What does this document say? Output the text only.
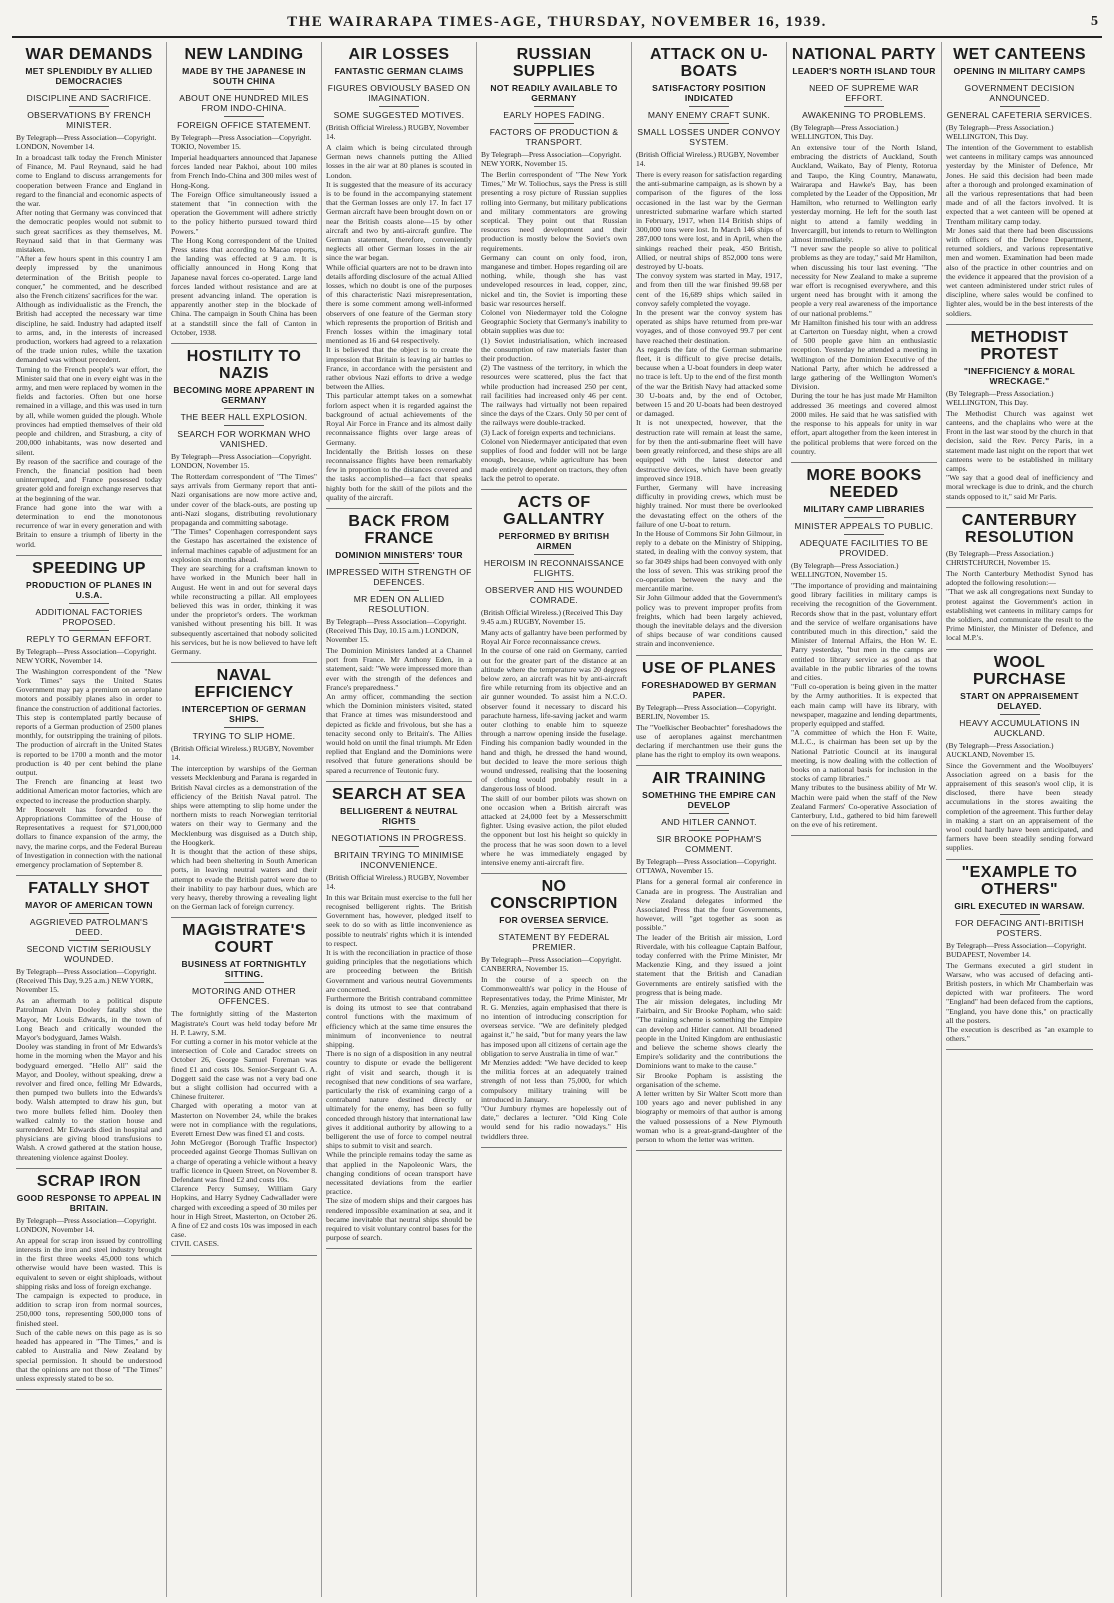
THE WAIRARAPA TIMES-AGE, THURSDAY, NOVEMBER 16, 1939.	5
WAR DEMANDS
MET SPLENDIDLY BY ALLIED DEMOCRACIES
DISCIPLINE AND SACRIFICE.
OBSERVATIONS BY FRENCH MINISTER.
By Telegraph—Press Association—Copyright. LONDON, November 14.

In a broadcast talk today the French Minister of Finance, M. Paul Reynaud, said he had come to England to discuss arrangements for cooperation between France and England in regard to the financial and economic aspects of the war.

After noting that Germany was convinced that the democratic peoples would not submit to such great sacrifices as they themselves, M. Reynaud said that in that Germany was mistaken.

"After a few hours spent in this country I am deeply impressed by the unanimous determination of the British people to conquer," he commented, and he described also the French citizens' sacrifices for the war.

Although as individualistic as the French, the British had accepted the necessary war time discipline, he said. Industry had adapted itself to arms, and, in the interests of increased production, workers had agreed to a relaxation of the trade union rules, while the taxation demanded was without precedent.

Turning to the French people's war effort, the Minister said that one in every eight was in the army, and men were replaced by women in the fields and factories. Often but one horse remained in a village, and this was used in turn by all, while women guided the plough. Whole provinces had emptied themselves of their old people and children, and Strasburg, a city of 200,000 inhabitants, was now deserted and silent.

By reason of the sacrifice and courage of the French, the financial position had been uninterrupted, and France possessed today greater gold and foreign exchange reserves that at the beginning of the war.

France had gone into the war with a determination to end the monotonous recurrence of war in every generation and with Britain to ensure a triumph of liberty in the world.

SPEEDING UP
PRODUCTION OF PLANES IN U.S.A.
ADDITIONAL FACTORIES PROPOSED.
REPLY TO GERMAN EFFORT.
By Telegraph—Press Association—Copyright. NEW YORK, November 14.

The Washington correspondent of the "New York Times" says the United States Government may pay a premium on aeroplane motors and possibly planes also in order to finance the construction of additional factories.

This step is contemplated partly because of reports of a German production of 2500 planes monthly, for outstripping the training of pilots. The production of aircraft in the United States is reported to be 1700 a month and the motor production is 40 per cent behind the plane output.

The French are financing at least two additional American motor factories, which are expected to increase the production sharply.

Mr Roosevelt has forwarded to the Appropriations Committee of the House of Representatives a request for $71,000,000 dollars to finance expansion of the army, the navy, the marine corps, and the Federal Bureau of Investigation in connection with the national emergency proclamation of September 8.

FATALLY SHOT
MAYOR OF AMERICAN TOWN
AGGRIEVED PATROLMAN'S DEED.
SECOND VICTIM SERIOUSLY WOUNDED.
By Telegraph—Press Association—Copyright. (Received This Day, 9.25 a.m.) NEW YORK, November 15.

As an aftermath to a political dispute Patrolman Alvin Dooley fatally shot the Mayor, Mr Louis Edwards, in the town of Long Beach and critically wounded the Mayor's bodyguard, James Walsh.

Dooley was standing in front of Mr Edwards's home in the morning when the Mayor and his bodyguard emerged. "Hello All" said the Mayor, and Dooley, without speaking, drew a revolver and fired once, felling Mr Edwards, then pumped two bullets into the Edwards's body. Walsh attempted to draw his gun, but two more bullets felled him. Dooley then walked calmly to the station house and surrendered. Mr Edwards died in hospital and physicians are giving blood transfusions to Walsh. A crowd gathered at the station house, threatening violence against Dooley.

SCRAP IRON
GOOD RESPONSE TO APPEAL IN BRITAIN.
By Telegraph—Press Association—Copyright. LONDON, November 14.

An appeal for scrap iron issued by controlling interests in the iron and steel industry brought in the first three weeks 45,000 tons which otherwise would have been wasted. This is equivalent to seven or eight shiploads, without shipping risks and loss of foreign exchange.

The campaign is expected to produce, in addition to scrap iron from normal sources, 250,000 tons, representing 500,000 tons of finished steel.

Such of the cable news on this page as is so headed has appeared in "The Times," and is cabled to Australia and New Zealand by special permission. It should be understood that the opinions are not those of "The Times" unless expressly stated to be so.

NEW LANDING
MADE BY THE JAPANESE IN SOUTH CHINA
ABOUT ONE HUNDRED MILES FROM INDO-CHINA.
FOREIGN OFFICE STATEMENT.
By Telegraph—Press Association—Copyright. TOKIO, November 15.

Imperial headquarters announced that Japanese forces landed near Pakhoi, about 100 miles from French Indo-China and 300 miles west of Hong-Kong.

The Foreign Office simultaneously issued a statement that "in connection with the operation the Government will adhere strictly to the policy hitherto pursued toward third Powers."

The Hong Kong correspondent of the United Press states that according to Macao reports, the landing was effected at 9 a.m. It is officially announced in Hong Kong that Japanese naval forces co-operated. Large land forces landed without resistance and are at present advancing inland. The operation is apparently another step in the blockade of China. The campaign in South China has been at a standstill since the fall of Canton in October, 1938.

HOSTILITY TO NAZIS
BECOMING MORE APPARENT IN GERMANY
THE BEER HALL EXPLOSION.
SEARCH FOR WORKMAN WHO VANISHED.
By Telegraph—Press Association—Copyright. LONDON, November 15.

The Rotterdam correspondent of "The Times" says arrivals from Germany report that anti-Nazi organisations are now more active and, under cover of the black-outs, are posting up anti-Nazi slogans, distributing revolutionary propaganda and committing sabotage.

"The Times" Copenhagen correspondent says the Gestapo has ascertained the existence of infernal machines capable of adjustment for an explosion six months ahead.

They are searching for a craftsman known to have worked in the Munich beer hall in August. He went in and out for several days while reconstructing a pillar. All employees believed this was in order, thinking it was under the proprietor's orders. The workman vanished without presenting his bill. It was subsequently ascertained that nobody solicited his services, but he is now believed to have left Germany.

NAVAL EFFICIENCY
INTERCEPTION OF GERMAN SHIPS.
TRYING TO SLIP HOME.
(British Official Wireless.) RUGBY, November 14.

The interception by warships of the German vessets Mecklenburg and Parana is regarded in British Naval circles as a demonstration of the efficiency of the British Naval patrol. The ships were attempting to slip home under the northern mists to reach Norwegian territorial waters on their way to Germany and the Mecklenburg was disguised as a Dutch ship, the Hoogkerk.

It is thought that the action of these ships, which had been sheltering in South American ports, in leaving neutral waters and their attempt to evade the British patrol were due to their inability to pay harbour dues, which are very heavy, thereby throwing a revealing light on the German lack of foreign currency.

MAGISTRATE'S COURT
BUSINESS AT FORTNIGHTLY SITTING.
MOTORING AND OTHER OFFENCES.

The fortnightly sitting of the Masterton Magistrate's Court was held today before Mr H. P. Lawry, S.M.

For cutting a corner in his motor vehicle at the intersection of Cole and Caradoc streets on October 26, George Samuel Foreman was fined £1 and costs 10s. Senior-Sergeant G. A. Doggett said the case was not a very bad one but a slight collision had occurred with a Chinese fruiterer.

Charged with operating a motor van at Masterton on November 24, while the brakes were not in compliance with the regulations, Everett Ernest Dew was fined £1 and costs.

John McGregor (Borough Traffic Inspector) proceeded against George Thomas Sullivan on a charge of operating a vehicle without a heavy traffic licence in Queen Street, on November 8. Defendant was fined £2 and costs 10s.

Clarence Percy Sumsey, William Gary Hopkins, and Harry Sydney Cadwallader were charged with exceeding a speed of 30 miles per hour in High Street, Masterton, on October 26. A fine of £2 and costs 10s was imposed in each case.

CIVIL CASES.

AIR LOSSES
FANTASTIC GERMAN CLAIMS
FIGURES OBVIOUSLY BASED ON IMAGINATION.
SOME SUGGESTED MOTIVES.
(British Official Wireless.) RUGBY, November 14.

A claim which is being circulated through German news channels putting the Allied losses in the air war at 80 planes is scouted in London.

It is suggested that the measure of its accuracy is to be found in the accompanying statement that the German losses are only 17. In fact 17 German aircraft have been brought down on or near the British coasts alone—15 by other aircraft and two by anti-aircraft gunfire. The German statement, therefore, conveniently neglects all other German losses in the air since the war began.

While official quarters are not to be drawn into details affording disclosure of the actual Allied losses, which no doubt is one of the purposes of this characteristic Nazi misrepresentation, there is some comment among well-informed observers of one feature of the German story which represents the proportion of British and French losses within the imaginary total mentioned as 16 and 64 respectively.

It is believed that the object is to create the impression that Britain is leaving air battles to France, in accordance with the persistent and rather obvious Nazi efforts to drive a wedge between the Allies.

This particular attempt takes on a somewhat forlorn aspect when it is regarded against the background of actual achievements of the Royal Air Force in France and its almost daily reconnaissance flights over large areas of Germany.

Incidentally the British losses on these reconnaissance flights have been remarkably few in proportion to the distances covered and the tasks accomplished—a fact that speaks highly both for the skill of the pilots and the quality of the aircraft.

BACK FROM FRANCE
DOMINION MINISTERS' TOUR
IMPRESSED WITH STRENGTH OF DEFENCES.
MR EDEN ON ALLIED RESOLUTION.
By Telegraph—Press Association—Copyright. (Received This Day, 10.15 a.m.) LONDON, November 15.

The Dominion Ministers landed at a Channel port from France. Mr Anthony Eden, in a statement, said: "We were impressed more than ever with the strength of the defences and France's preparedness."

An army officer, commanding the section which the Dominion ministers visited, stated that France at times was misunderstood and depicted as fickle and frivolous, but she has a tenacity second only to Britain's. The Allies would hold on until the final triumph. Mr Eden replied that England and the Dominions were resolved that future generations should be spared a recurrence of Teutonic fury.

SEARCH AT SEA
BELLIGERENT & NEUTRAL RIGHTS
NEGOTIATIONS IN PROGRESS.
BRITAIN TRYING TO MINIMISE INCONVENIENCE.
(British Official Wireless.) RUGBY, November 14.

In this war Britain must exercise to the full her recognised belligerent rights. The British Government has, however, pledged itself to seek to do so with as little inconvenience as possible to neutrals' rights which it is intended to respect.

It is with the reconciliation in practice of those guiding principles that the negotiations which are proceeding between the British Government and various neutral Governments are concerned.

Furthermore the British contraband committee is doing its utmost to see that contraband control functions with the maximum of efficiency which at the same time ensures the minimum of inconvenience to neutral shipping.

There is no sign of a disposition in any neutral country to dispute or evade the belligerent right of visit and search, though it is recognised that new conditions of sea warfare, particularly the risk of examining cargo of a contraband nature destined directly or ultimately for the enemy, has been so fully conceded through history that international law gives it additional authority by allowing to a belligerent the use of force to compel neutral ships to submit to visit and search.

While the principle remains today the same as that applied in the Napoleonic Wars, the changing conditions of ocean transport have necessitated deviations from the earlier practice.

The size of modern ships and their cargoes has rendered impossible examination at sea, and it became inevitable that neutral ships should be required to visit voluntary control bases for the purpose of search.

RUSSIAN SUPPLIES
NOT READILY AVAILABLE TO GERMANY
EARLY HOPES FADING.
FACTORS OF PRODUCTION & TRANSPORT.
By Telegraph—Press Association—Copyright. NEW YORK, November 15.

The Berlin correspondent of "The New York Times," Mr W. Toliochus, says the Press is still presenting a rosy picture of Russian supplies rolling into Germany, but military publications and military commentators are growing sceptical. They point out that Russian resources need development and their production is mostly below the Soviet's own requirements.

Germany can count on only food, iron, manganese and timber. Hopes regarding oil are nothing, while, though she has vast undeveloped resources in lead, copper, zinc, nickel and tin, the Soviet is importing these basic war resources herself.

Colonel von Niedermayer told the Cologne Geographic Society that Germany's inability to obtain supplies was due to:

(1) Soviet industrialisation, which increased the consumption of raw materials faster than their production.

(2) The vastness of the territory, in which the resources were scattered, plus the fact that while production had increased 250 per cent, rail facilities had increased only 46 per cent. The railways had virtually not been repaired since the days of the Czars. Only 50 per cent of the railways were double-tracked.

(3) Lack of foreign experts and technicians.

Colonel von Niedermayer anticipated that even supplies of food and fodder will not be large enough, because, while agriculture has been made entirely dependent on tractors, they often lack the petrol to operate.

ACTS OF GALLANTRY
PERFORMED BY BRITISH AIRMEN
HEROISM IN RECONNAISSANCE FLIGHTS.
OBSERVER AND HIS WOUNDED COMRADE.
(British Official Wireless.) (Received This Day 9.45 a.m.) RUGBY, November 15.

Many acts of gallantry have been performed by Royal Air Force reconnaissance crews.

In the course of one raid on Germany, carried out for the greater part of the distance at an altitude where the temperature was 20 degrees below zero, an aircraft was hit by anti-aircraft fire while returning from its objective and an air gunner wounded. To assist him a N.C.O. observer found it necessary to discard his parachute harness, life-saving jacket and warm outer clothing to enable him to squeeze through a narrow opening inside the fuselage. Finding his companion badly wounded in the hand and thigh, he dressed the hand wound, but decided to leave the more serious thigh wound undressed, realising that the loosening of clothing would probably result in a dangerous loss of blood.

The skill of our bomber pilots was shown on one occasion when a British aircraft was attacked at 24,000 feet by a Messerschmitt fighter. Using evasive action, the pilot eluded the opponent but lost his height so quickly in the process that he was soon down to a level where he was immediately engaged by intensive enemy anti-aircraft fire.

NO CONSCRIPTION
FOR OVERSEA SERVICE.
STATEMENT BY FEDERAL PREMIER.
By Telegraph—Press Association—Copyright. CANBERRA, November 15.

In the course of a speech on the Commonwealth's war policy in the House of Representatives today, the Prime Minister, Mr R. G. Menzies, again emphasised that there is no intention of introducing conscription for overseas service. "We are definitely pledged against it," he said, "but for many years the law has imposed upon all citizens of certain age the obligation to serve Australia in time of war."

Mr Menzies added: "We have decided to keep the militia forces at an adequately trained strength of not less than 75,000, for which compulsory military training will be introduced in January.

"Our Jumbury rhymes are hopelessly out of date," declares a lecturer. "Old King Cole would send for his radio nowadays." His twiddlers three.

ATTACK ON U-BOATS
SATISFACTORY POSITION INDICATED
MANY ENEMY CRAFT SUNK.
SMALL LOSSES UNDER CONVOY SYSTEM.
(British Official Wireless.) RUGBY, November 14.

There is every reason for satisfaction regarding the anti-submarine campaign, as is shown by a comparison of the figures of the loss occasioned in the last war by the German unrestricted submarine warfare which started in February, 1917, when 114 British ships of 300,000 tons were lost. In March 146 ships of 287,000 tons were lost, and in April, when the sinkings reached their peak, 450 British, Allied, or neutral ships of 852,000 tons were destroyed by U-boats.

The convoy system was started in May, 1917, and from then till the war finished 99.68 per cent of the 16,689 ships which sailed in convoy safely completed the voyage.

In the present war the convoy system has operated as ships have returned from pre-war voyages, and of those convoyed 99.7 per cent have reached their destination.

As regards the fate of the German submarine fleet, it is difficult to give precise details, because when a U-boat founders in deep water no trace is left. Up to the end of the first month of the war the British Navy had attacked some 30 U-boats and, by the end of October, between 15 and 20 U-boats had been destroyed or damaged.

It is not unexpected, however, that the destruction rate will remain at least the same, for by then the anti-submarine fleet will have been greatly reinforced, and these ships are all equipped with the latest detector and destructive devices, which have been greatly improved since 1918.

Further, Germany will have increasing difficulty in providing crews, which must be highly trained. Nor must there be overlooked the devastating effect on the others of the failure of one U-boat to return.

In the House of Commons Sir John Gilmour, in reply to a debate on the Ministry of Shipping, stated, in dealing with the convoy system, that so far 3049 ships had been convoyed with only the loss of seven. This was striking proof the co-operation between the navy and the mercantile marine.

Sir John Gilmour added that the Government's policy was to prevent improper profits from freights, which had been largely achieved, though the inevitable delays and the diversion of ships because of war conditions caused strain and inconvenience.

USE OF PLANES
FORESHADOWED BY GERMAN PAPER.
By Telegraph—Press Association—Copyright. BERLIN, November 15.

The "Voelkischer Beobachter" foreshadows the use of aeroplanes against merchantmen declaring if merchantmen use their guns the plane has the right to employ its own weapons.

AIR TRAINING
SOMETHING THE EMPIRE CAN DEVELOP
AND HITLER CANNOT.
SIR BROOKE POPHAM'S COMMENT.
By Telegraph—Press Association—Copyright. OTTAWA, November 15.

Plans for a general formal air conference in Canada are in progress. The Australian and New Zealand delegates informed the Associated Press that the four Governments, however, will "get together as soon as possible."

The leader of the British air mission, Lord Riverdale, with his colleague Captain Balfour, today conferred with the Prime Minister, Mr Mackenzie King, and they issued a joint statement that the British and Canadian Governments are entirely satisfied with the progress that is being made.

The air mission delegates, including Mr Fairbairn, and Sir Brooke Popham, who said: "The training scheme is something the Empire can develop and Hitler cannot. All broadened people in the United Kingdom are enthusiastic and believe the scheme shows clearly the Empire's solidarity and the contributions the Dominions want to make to the cause."

Sir Brooke Popham is assisting the organisation of the scheme.

A letter written by Sir Walter Scott more than 100 years ago and never published in any biography or memoirs of that author is among the valued possessions of a New Plymouth woman who is a great-grand-daughter of the person to whom the letter was written.

NATIONAL PARTY
LEADER'S NORTH ISLAND TOUR
NEED OF SUPREME WAR EFFORT.
AWAKENING TO PROBLEMS.
(By Telegraph—Press Association.) WELLINGTON, This Day.

An extensive tour of the North Island, embracing the districts of Auckland, South Auckland, Waikato, Bay of Plenty, Rotorua and Taupo, the King Country, Manawatu, Wairarapa and Hawke's Bay, has been completed by the Leader of the Opposition, Mr Hamilton, who returned to Wellington early yesterday morning. He left for the south last night to attend a family wedding in Invercargill, but intends to return to Wellington almost immediately.

"I never saw the people so alive to political problems as they are today," said Mr Hamilton, when discussing his tour last evening. "The necessity for New Zealand to make a supreme war effort is recognised everywhere, and this urgent need has brought with it among the people a very real awareness of the importance of our national problems."

Mr Hamilton finished his tour with an address at Carterton on Tuesday night, when a crowd of 500 people gave him an enthusiastic reception. Yesterday he attended a meeting in Wellington of the Dominion Executive of the National Party, after which he addressed a large gathering of the Wellington Women's Division.

During the tour he has just made Mr Hamilton addressed 36 meetings and covered almost 2000 miles. He said that he was satisfied with the response to his appeals for unity in war effort, apart altogether from the keen interest in the political problems that were forced on the country.

MORE BOOKS NEEDED
MILITARY CAMP LIBRARIES
MINISTER APPEALS TO PUBLIC.
ADEQUATE FACILITIES TO BE PROVIDED.
(By Telegraph—Press Association.) WELLINGTON, November 15.

"The importance of providing and maintaining good library facilities in military camps is receiving the recognition of the Government. Records show that in the past, voluntary effort and the service of welfare organisations have contributed much in this direction," said the Minister of Internal Affairs, the Hon W. E. Parry yesterday, "but men in the camps are entitled to library service as good as that available in the public libraries of the towns and cities.

"Full co-operation is being given in the matter by the Army authorities. It is expected that each main camp will have its library, with newspaper, magazine and lending departments, properly equipped and staffed.

"A committee of which the Hon F. Waite, M.L.C., is chairman has been set up by the National Patriotic Council at its inaugural meeting, is now dealing with the collection of books on a national basis for inclusion in the stocks of camp libraries."

Many tributes to the business ability of Mr W. Machin were paid when the staff of the New Zealand Farmers' Co-operative Association of Canterbury, Ltd., gathered to bid him farewell on the eve of his retirement.

WET CANTEENS
OPENING IN MILITARY CAMPS
GOVERNMENT DECISION ANNOUNCED.
GENERAL CAFETERIA SERVICES.
(By Telegraph—Press Association.) WELLINGTON, This Day.

The intention of the Government to establish wet canteens in military camps was announced yesterday by the Minister of Defence, Mr Jones. He said this decision had been made after a thorough and prolonged examination of all the various representations that had been made and of all the factors involved. It is expected that a wet canteen will be opened at Trentham military camp today.

Mr Jones said that there had been discussions with officers of the Defence Department, returned soldiers, and various representative men and women. Examination had been made also of the practice in other countries and on the evidence it appeared that the provision of a wet canteen administered under strict rules of discipline, where sales would be confined to lighter ales, would be in the best interests of the soldiers.

METHODIST PROTEST
"INEFFICIENCY & MORAL WRECKAGE."
(By Telegraph—Press Association.) WELLINGTON, This Day.

The Methodist Church was against wet canteens, and the chaplains who were at the Front in the last war stood by the church in that decision, said the Rev. Percy Paris, in a statement made last night on the report that wet canteens were to be established in military camps.

"We say that a good deal of inefficiency and moral wreckage is due to drink, and the church stands opposed to it," said Mr Paris.

CANTERBURY RESOLUTION
(By Telegraph—Press Association.) CHRISTCHURCH, November 15.

The North Canterbury Methodist Synod has adopted the following resolution:—

"That we ask all congregations next Sunday to protest against the Government's action in establishing wet canteens in military camps for the soldiers, and communicate the result to the Prime Minister, the Minister of Defence, and local M.P.'s.

WOOL PURCHASE
START ON APPRAISEMENT DELAYED.
HEAVY ACCUMULATIONS IN AUCKLAND.
(By Telegraph—Press Association.) AUCKLAND, November 15.

Since the Government and the Woolbuyers' Association agreed on a basis for the appraisement of this season's wool clip, it is disclosed, there have been steady accumulations in the stores awaiting the completion of the agreement. This further delay in making a start on an appraisement of the wool could hardly have been anticipated, and farmers have been steadily sending forward supplies.

"EXAMPLE TO OTHERS"
GIRL EXECUTED IN WARSAW.
FOR DEFACING ANTI-BRITISH POSTERS.
By Telegraph—Press Association—Copyright. BUDAPEST, November 14.

The Germans executed a girl student in Warsaw, who was accused of defacing anti-British posters, in which Mr Chamberlain was depicted with war profiteers. The word "England" had been defaced from the captions, "England, you have done this," on practically all the posters.

The execution is described as "an example to others."
